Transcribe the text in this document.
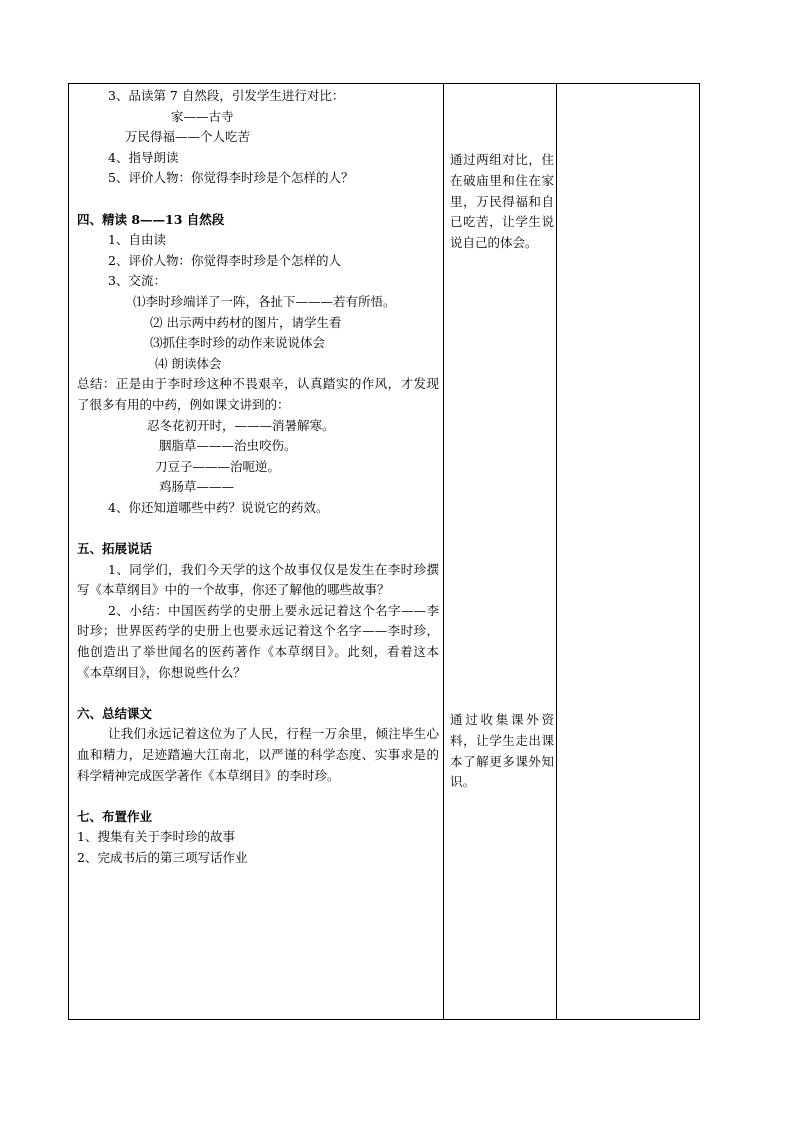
3、品读第 7 自然段，引发学生进行对比：
家——古寺
万民得福——个人吃苦
4、指导朗读
5、评价人物：你觉得李时珍是个怎样的人？
四、精读 8——13 自然段
1、自由读
2、评价人物：你觉得李时珍是个怎样的人
3、交流：
⑴李时珍端详了一阵，各扯下———若有所悟。
⑵ 出示两中药材的图片，请学生看
⑶抓住李时珍的动作来说说体会
⑷ 朗读体会
总结：正是由于李时珍这种不畏艰辛，认真踏实的作风，才发现了很多有用的中药，例如课文讲到的：
忍冬花初开时，———消暑解寒。
胭脂草———治虫咬伤。
刀豆子———治呃逆。
鸡肠草———
4、你还知道哪些中药？说说它的药效。
五、拓展说话
1、同学们，我们今天学的这个故事仅仅是发生在李时珍撰写《本草纲目》中的一个故事，你还了解他的哪些故事？
2、小结：中国医药学的史册上要永远记着这个名字——李时珍；世界医药学的史册上也要永远记着这个名字——李时珍，他创造出了举世闻名的医药著作《本草纲目》。此刻，看着这本《本草纲目》，你想说些什么？
六、总结课文
让我们永远记着这位为了人民，行程一万余里，倾注毕生心血和精力，足迹踏遍大江南北，以严谨的科学态度、实事求是的科学精神完成医学著作《本草纲目》的李时珍。
七、布置作业
1、搜集有关于李时珍的故事
2、完成书后的第三项写话作业
通过两组对比，住在破庙里和住在家里，万民得福和自已吃苦，让学生说说自己的体会。
通过收集课外资料，让学生走出课本了解更多课外知识。
